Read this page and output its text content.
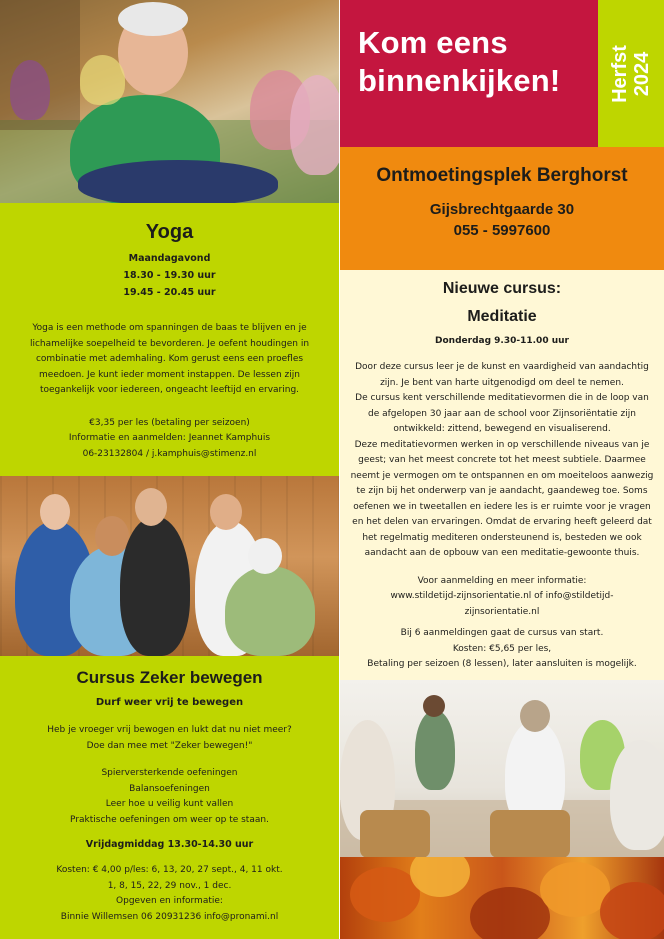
Yoga
Maandagavond
18.30 - 19.30 uur
19.45 - 20.45 uur
Yoga is een methode om spanningen de baas te blijven en je
lichamelijke soepelheid te bevorderen. Je oefent houdingen in
combinatie met ademhaling. Kom gerust eens een proefles
meedoen. Je kunt ieder moment instappen. De lessen zijn
toegankelijk voor iedereen, ongeacht leeftijd en ervaring.
€3,35 per les (betaling per seizoen)
Informatie en aanmelden: Jeannet Kamphuis
06-23132804 / j.kamphuis@stimenz.nl
Cursus Zeker bewegen
Durf weer vrij te bewegen
Heb je vroeger vrij bewogen en lukt dat nu niet meer?
Doe dan mee met "Zeker bewegen!"
Spierversterkende oefeningen
Balansoefeningen
Leer hoe u veilig kunt vallen
Praktische oefeningen om weer op te staan.
Vrijdagmiddag 13.30-14.30 uur
Kosten: € 4,00 p/les: 6, 13, 20, 27 sept., 4, 11 okt.
1, 8, 15, 22, 29 nov., 1 dec.
Opgeven en informatie:
Binnie Willemsen 06 20931236 info@pronami.nl
Kom eens
binnenkijken!	Herfst
2024
Ontmoetingsplek Berghorst
Gijsbrechtgaarde 30
055 - 5997600
Nieuwe cursus:
Meditatie
Donderdag 9.30-11.00 uur
Door deze cursus leer je de kunst en vaardigheid van aandachtig
zijn. Je bent van harte uitgenodigd om deel te nemen.
De cursus kent verschillende meditatievormen die in de loop van
de afgelopen 30 jaar aan de school voor Zijnsoriëntatie zijn
ontwikkeld: zittend, bewegend en visualiserend.
Deze meditatievormen werken in op verschillende niveaus van je
geest; van het meest concrete tot het meest subtiele. Daarmee
neemt je vermogen om te ontspannen en om moeiteloos aanwezig
te zijn bij het onderwerp van je aandacht, gaandeweg toe. Soms
oefenen we in tweetallen en iedere les is er ruimte voor je vragen
en het delen van ervaringen. Omdat de ervaring heeft geleerd dat
het regelmatig mediteren ondersteunend is, besteden we ook
aandacht aan de opbouw van een meditatie-gewoonte thuis.
Voor aanmelding en meer informatie:
www.stildetijd-zijnsorientatie.nl of info@stildetijd-
zijnsorientatie.nl
Bij 6 aanmeldingen gaat de cursus van start.
Kosten: €5,65 per les,
Betaling per seizoen (8 lessen), later aansluiten is mogelijk.
